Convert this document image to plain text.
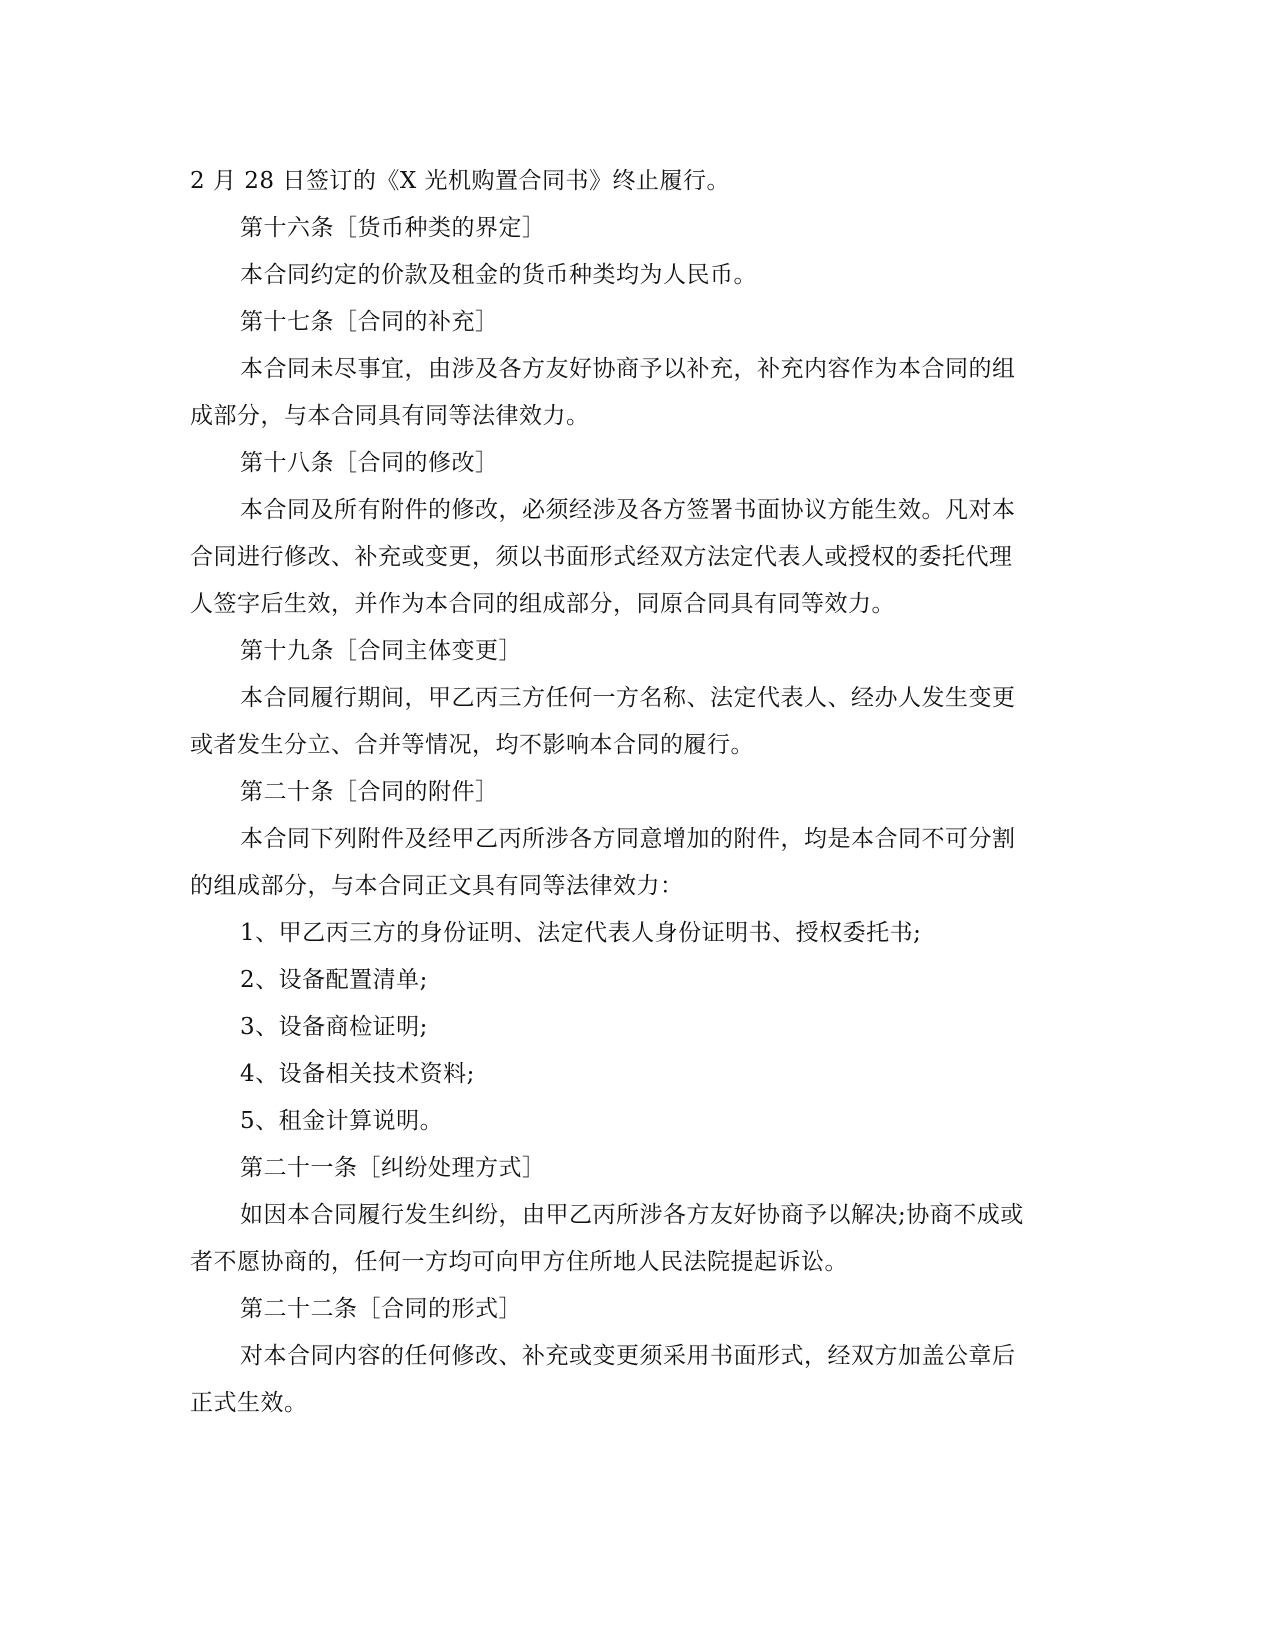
2 月 28 日签订的《X 光机购置合同书》终止履行。
第十六条［货币种类的界定］
本合同约定的价款及租金的货币种类均为人民币。
第十七条［合同的补充］
本合同未尽事宜，由涉及各方友好协商予以补充，补充内容作为本合同的组
成部分，与本合同具有同等法律效力。
第十八条［合同的修改］
本合同及所有附件的修改，必须经涉及各方签署书面协议方能生效。凡对本
合同进行修改、补充或变更，须以书面形式经双方法定代表人或授权的委托代理
人签字后生效，并作为本合同的组成部分，同原合同具有同等效力。
第十九条［合同主体变更］
本合同履行期间，甲乙丙三方任何一方名称、法定代表人、经办人发生变更
或者发生分立、合并等情况，均不影响本合同的履行。
第二十条［合同的附件］
本合同下列附件及经甲乙丙所涉各方同意增加的附件，均是本合同不可分割
的组成部分，与本合同正文具有同等法律效力：
1、甲乙丙三方的身份证明、法定代表人身份证明书、授权委托书;
2、设备配置清单;
3、设备商检证明;
4、设备相关技术资料;
5、租金计算说明。
第二十一条［纠纷处理方式］
如因本合同履行发生纠纷，由甲乙丙所涉各方友好协商予以解决;协商不成或
者不愿协商的，任何一方均可向甲方住所地人民法院提起诉讼。
第二十二条［合同的形式］
对本合同内容的任何修改、补充或变更须采用书面形式，经双方加盖公章后
正式生效。
